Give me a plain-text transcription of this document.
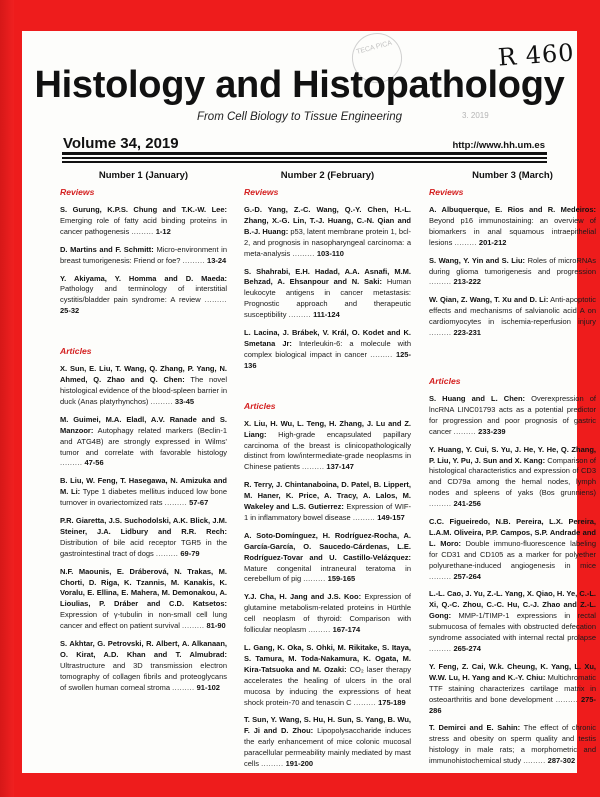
TECA PICA	R 460
3. 2019
Histology and Histopathology
From Cell Biology to Tissue Engineering
Volume 34, 2019	http://www.hh.um.es
Number 1 (January)
Reviews
S. Gurung, K.P.S. Chung and T.K.-W. Lee: Emerging role of fatty acid binding proteins in cancer pathogenesis ......... 1-12
D. Martins and F. Schmitt: Micro-environment in breast tumorigenesis: Friend or foe? ......... 13-24
Y. Akiyama, Y. Homma and D. Maeda: Pathology and terminology of interstitial cystitis/bladder pain syndrome: A review ......... 25-32
Articles
X. Sun, E. Liu, T. Wang, Q. Zhang, P. Yang, N. Ahmed, Q. Zhao and Q. Chen: The novel histological evidence of the blood-spleen barrier in duck (Anas platyrhynchos) ......... 33-45
M. Guimei, M.A. Eladl, A.V. Ranade and S. Manzoor: Autophagy related markers (Beclin-1 and ATG4B) are strongly expressed in Wilms' tumor and correlate with favorable histology ......... 47-56
B. Liu, W. Feng, T. Hasegawa, N. Amizuka and M. Li: Type 1 diabetes mellitus induced low bone turnover in ovariectomized rats ......... 57-67
P.R. Giaretta, J.S. Suchodolski, A.K. Blick, J.M. Steiner, J.A. Lidbury and R.R. Rech: Distribution of bile acid receptor TGR5 in the gastrointestinal tract of dogs ......... 69-79
N.F. Maounis, E. Dráberová, N. Trakas, M. Chorti, D. Riga, K. Tzannis, M. Kanakis, K. Voralu, E. Ellina, E. Mahera, M. Demonakou, A. Lioulias, P. Dráber and C.D. Katsetos: Expression of γ-tubulin in non-small cell lung cancer and effect on patient survival ......... 81-90
S. Akhtar, G. Petrovski, R. Albert, A. Alkanaan, O. Kirat, A.D. Khan and T. Almubrad: Ultrastructure and 3D transmission electron tomography of collagen fibrils and proteoglycans of swollen human corneal stroma ......... 91-102
Number 2 (February)
Reviews
G.-D. Yang, Z.-C. Wang, Q.-Y. Chen, H.-L. Zhang, X.-G. Lin, T.-J. Huang, C.-N. Qian and B.-J. Huang: p53, latent membrane protein 1, bcl-2, and prognosis in nasopharyngeal carcinoma: a meta-analysis ......... 103-110
S. Shahrabi, E.H. Hadad, A.A. Asnafi, M.M. Behzad, A. Ehsanpour and N. Saki: Human leukocyte antigens in cancer metastasis: Prognostic approach and therapeutic susceptibility ......... 111-124
L. Lacina, J. Brábek, V. Král, O. Kodet and K. Smetana Jr: Interleukin-6: a molecule with complex biological impact in cancer ......... 125-136
Articles
X. Liu, H. Wu, L. Teng, H. Zhang, J. Lu and Z. Liang: High-grade encapsulated papillary carcinoma of the breast is clinicopathologically distinct from low/intermediate-grade neoplasms in Chinese patients ......... 137-147
R. Terry, J. Chintanaboina, D. Patel, B. Lippert, M. Haner, K. Price, A. Tracy, A. Lalos, M. Wakeley and L.S. Gutierrez: Expression of WIF-1 in inflammatory bowel disease ......... 149-157
A. Soto-Domínguez, H. Rodríguez-Rocha, A. García-García, O. Saucedo-Cárdenas, L.E. Rodríguez-Tovar and U. Castillo-Velázquez: Mature congenital intraneural teratoma in cerebellum of pig ......... 159-165
Y.J. Cha, H. Jang and J.S. Koo: Expression of glutamine metabolism-related proteins in Hürthle cell neoplasm of thyroid: Comparison with follicular neoplasm ......... 167-174
L. Gang, K. Oka, S. Ohki, M. Rikitake, S. Itaya, S. Tamura, M. Toda-Nakamura, K. Ogata, M. Kira-Tatsuoka and M. Ozaki: CO₂ laser therapy accelerates the healing of ulcers in the oral mucosa by inducing the expressions of heat shock protein-70 and tenascin C ......... 175-189
T. Sun, Y. Wang, S. Hu, H. Sun, S. Yang, B. Wu, F. Ji and D. Zhou: Lipopolysaccharide induces the early enhancement of mice colonic mucosal paracellular permeability mainly mediated by mast cells ......... 191-200
Number 3 (March)
Reviews
A. Albuquerque, E. Rios and R. Medeiros: Beyond p16 immunostaining: an overview of biomarkers in anal squamous intraepithelial lesions ......... 201-212
S. Wang, Y. Yin and S. Liu: Roles of microRNAs during glioma tumorigenesis and progression ......... 213-222
W. Qian, Z. Wang, T. Xu and D. Li: Anti-apoptotic effects and mechanisms of salvianolic acid A on cardiomyocytes in ischemia-reperfusion injury ......... 223-231
Articles
S. Huang and L. Chen: Overexpression of lncRNA LINC01793 acts as a potential predictor for progression and poor prognosis of gastric cancer ......... 233-239
Y. Huang, Y. Cui, S. Yu, J. He, Y. He, Q. Zhang, P. Liu, Y. Pu, J. Sun and X. Kang: Comparison of histological characteristics and expression of CD3 and CD79a among the hemal nodes, lymph nodes and spleens of yaks (Bos grunniens) ......... 241-256
C.C. Figueiredo, N.B. Pereira, L.X. Pereira, L.A.M. Oliveira, P.P. Campos, S.P. Andrade and L. Moro: Double immuno-fluorescence labeling for CD31 and CD105 as a marker for polyether polyurethane-induced angiogenesis in mice ......... 257-264
L.-L. Cao, J. Yu, Z.-L. Yang, X. Qiao, H. Ye, C.-L. Xi, Q.-C. Zhou, C.-C. Hu, C.-J. Zhao and Z.-L. Gong: MMP-1/TIMP-1 expressions in rectal submucosa of females with obstructed defecation syndrome associated with internal rectal prolapse ......... 265-274
Y. Feng, Z. Cai, W.k. Cheung, K. Yang, L. Xu, W.W. Lu, H. Yang and K.-Y. Chiu: Multichromatic TTF staining characterizes cartilage matrix in osteoarthritis and bone development ......... 275-286
T. Demirci and E. Sahin: The effect of chronic stress and obesity on sperm quality and testis histology in male rats; a morphometric and immunohistochemical study ......... 287-302
